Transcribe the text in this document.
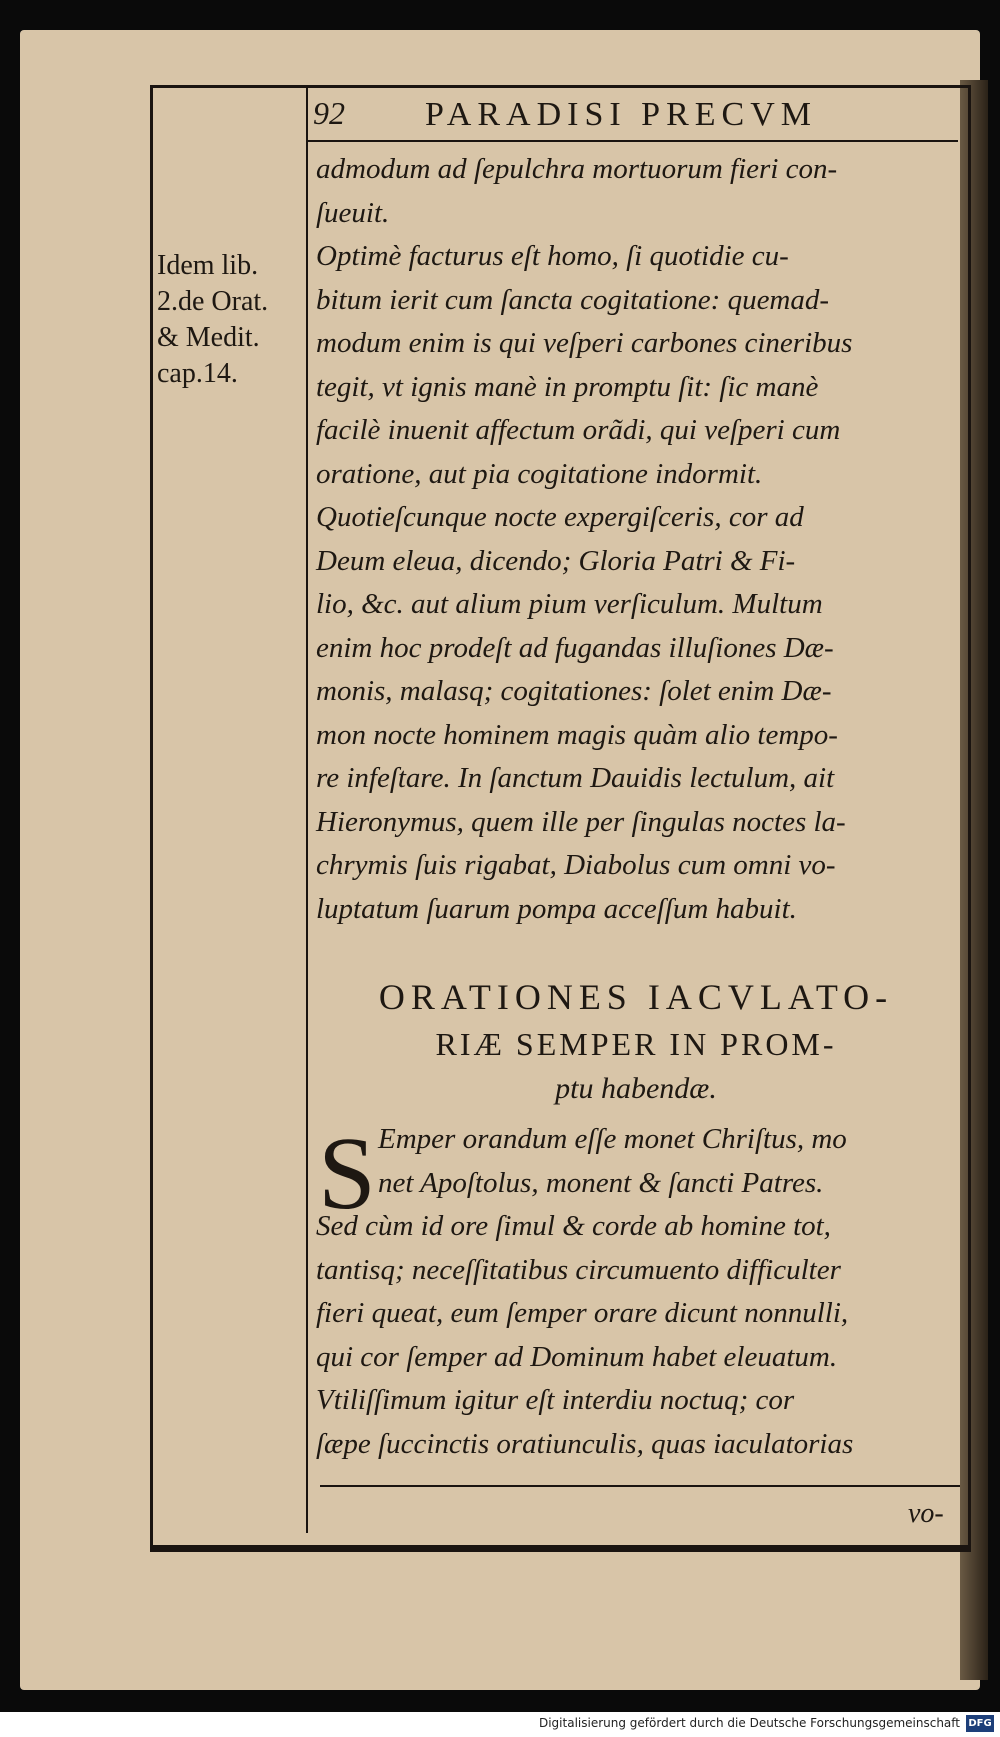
92 PARADISI PRECVM
Idem lib.
2.de Orat.
& Medit.
cap.14.
admodum ad ſepulchra mortuorum fieri con-
ſueuit.
Optimè facturus eſt homo, ſi quotidie cu-
bitum ierit cum ſancta cogitatione: quemad-
modum enim is qui veſperi carbones cineribus
tegit, vt ignis manè in promptu ſit: ſic manè
facilè inuenit affectum orãdi, qui veſperi cum
oratione, aut pia cogitatione indormit.
Quotieſcunque nocte expergiſceris, cor ad
Deum eleua, dicendo; Gloria Patri & Fi-
lio, &c. aut alium pium verſiculum. Multum
enim hoc prodeſt ad fugandas illuſiones Dæ-
monis, malasq; cogitationes: ſolet enim Dæ-
mon nocte hominem magis quàm alio tempo-
re infeſtare. In ſanctum Dauidis lectulum, ait
Hieronymus, quem ille per ſingulas noctes la-
chrymis ſuis rigabat, Diabolus cum omni vo-
luptatum ſuarum pompa acceſſum habuit.
ORATIONES IACVLATO-
RIÆ SEMPER IN PROM-
ptu habendæ.
S Emper orandum eſſe monet Chriſtus, mo
net Apoſtolus, monent & ſancti Patres.
Sed cùm id ore ſimul & corde ab homine tot,
tantisq; neceſſitatibus circumuento difficulter
fieri queat, eum ſemper orare dicunt nonnulli,
qui cor ſemper ad Dominum habet eleuatum.
Vtiliſſimum igitur eſt interdiu noctuq; cor
ſæpe ſuccinctis oratiunculis, quas iaculatorias
vo-
Digitalisierung gefördert durch die Deutsche Forschungsgemeinschaft DFG
